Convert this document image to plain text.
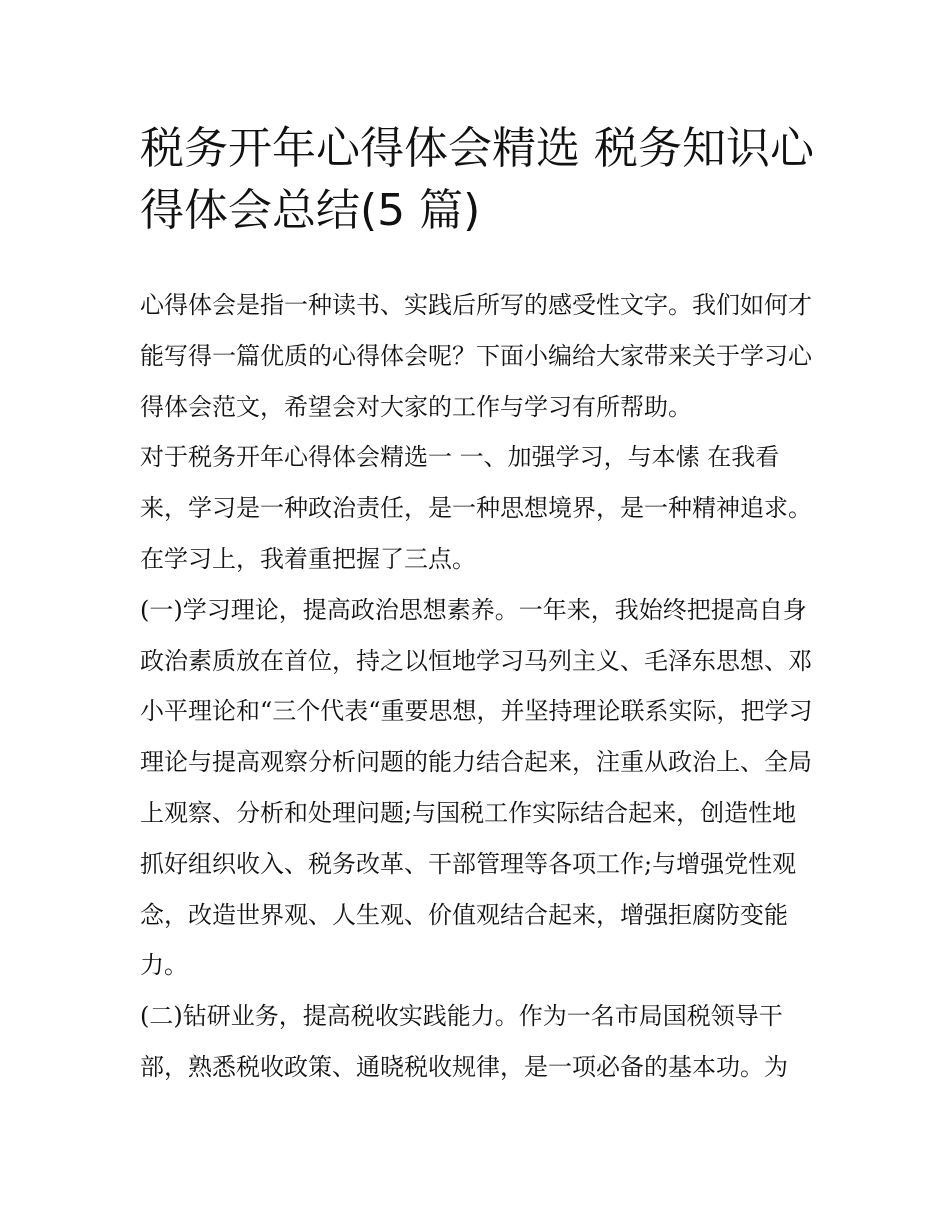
税务开年心得体会精选 税务知识心得体会总结(5 篇)

心得体会是指一种读书、实践后所写的感受性文字。我们如何才能写得一篇优质的心得体会呢？下面小编给大家带来关于学习心得体会范文，希望会对大家的工作与学习有所帮助。

对于税务开年心得体会精选一 一、加强学习，与本愫 在我看来，学习是一种政治责任，是一种思想境界，是一种精神追求。在学习上，我着重把握了三点。

(一)学习理论，提高政治思想素养。一年来，我始终把提高自身政治素质放在首位，持之以恒地学习马列主义、毛泽东思想、邓小平理论和“三个代表“重要思想，并坚持理论联系实际，把学习理论与提高观察分析问题的能力结合起来，注重从政治上、全局上观察、分析和处理问题;与国税工作实际结合起来，创造性地抓好组织收入、税务改革、干部管理等各项工作;与增强党性观念，改造世界观、人生观、价值观结合起来，增强拒腐防变能力。

(二)钻研业务，提高税收实践能力。作为一名市局国税领导干部，熟悉税收政策、通晓税收规律，是一项必备的基本功。为
